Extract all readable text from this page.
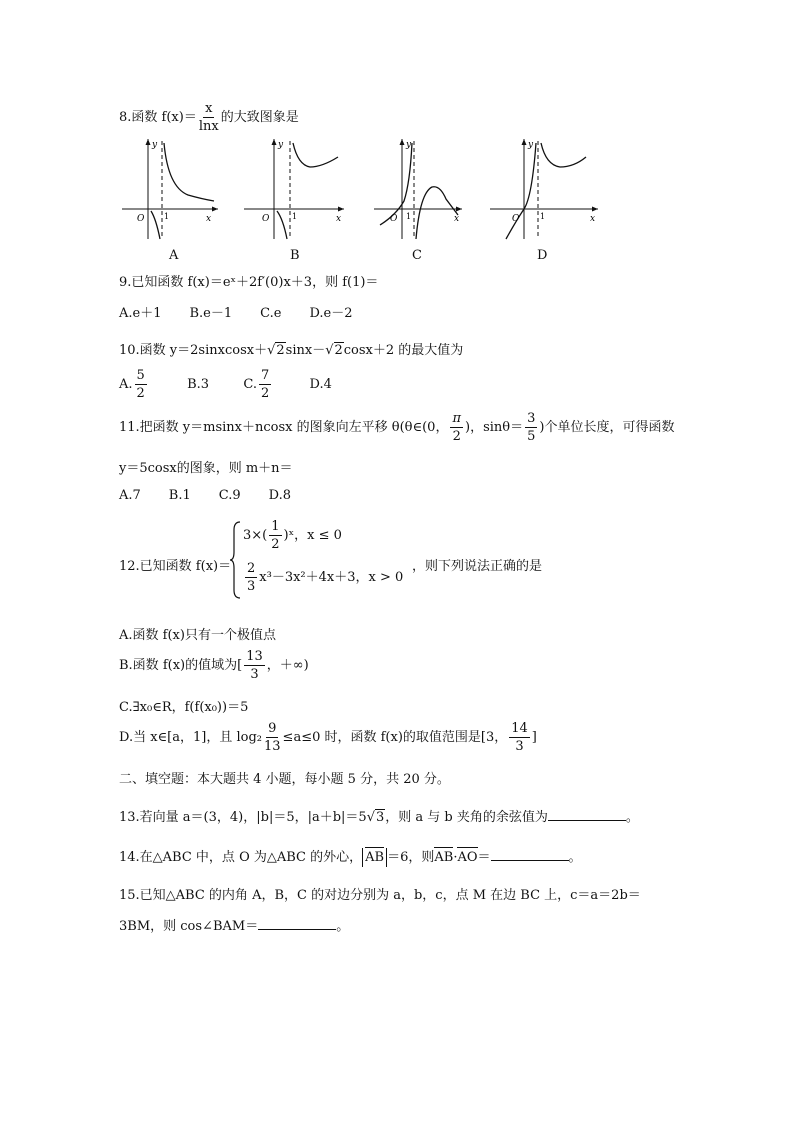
8.函数 $f(x)= \frac{x}{\ln x}$ 的大致图象是
y
x
O 1
A
y
x
O	1
B
y
x
O 1
C
y
x
O	1
D
9.已知函数 f(x)＝eˣ＋2f′(0)x＋3，则 f(1)＝
A.e＋1 B.e－1 C.e D.e－2
10.函数 y＝2sinxcosx＋√2sinx－√2cosx＋2 的最大值为
A. $\frac{5}{2}$	B.3	C. $\frac{7}{2}$	D.4
11.把函数 y＝msinx＋ncosx 的图象向左平移 θ(θ∈(0， $\frac{\pi}{2}$ )，$\sin\theta= \frac{3}{5}$ )个单位长度，可得函数
y＝5cosx的图象，则 m＋n＝
A.7 B.1 C.9 D.8
12.已知函数 f(x)＝
$3\times( \frac{1}{2}$ )ˣ，x ≤ 0
$\frac{2}{3} x^3-3x^2+4x+3$，x > 0
，则下列说法正确的是
A.函数 f(x)只有一个极值点
B.函数 f(x)的值域为[ $\frac{13}{3}$ ，＋∞)
C.∃x₀∈R，f(f(x₀))＝5
D.当 x∈[a，1]，且 $\log_2 \frac{9}{13} \le a\le 0$ 时，函数 f(x)的取值范围是[3， $\frac{14}{3}$ ]
二、填空题：本大题共 4 小题，每小题 5 分，共 20 分。
13.若向量 a＝(3，4)，|b|＝5，|a＋b|＝5√3，则 a 与 b 夹角的余弦值为	。
14.在△ABC 中，点 O 为△ABC 的外心， AB ＝6，则AB·AO＝	。
15.已知△ABC 的内角 A，B，C 的对边分别为 a，b，c，点 M 在边 BC 上，c＝a＝2b＝
3BM，则 cos∠BAM＝	。
